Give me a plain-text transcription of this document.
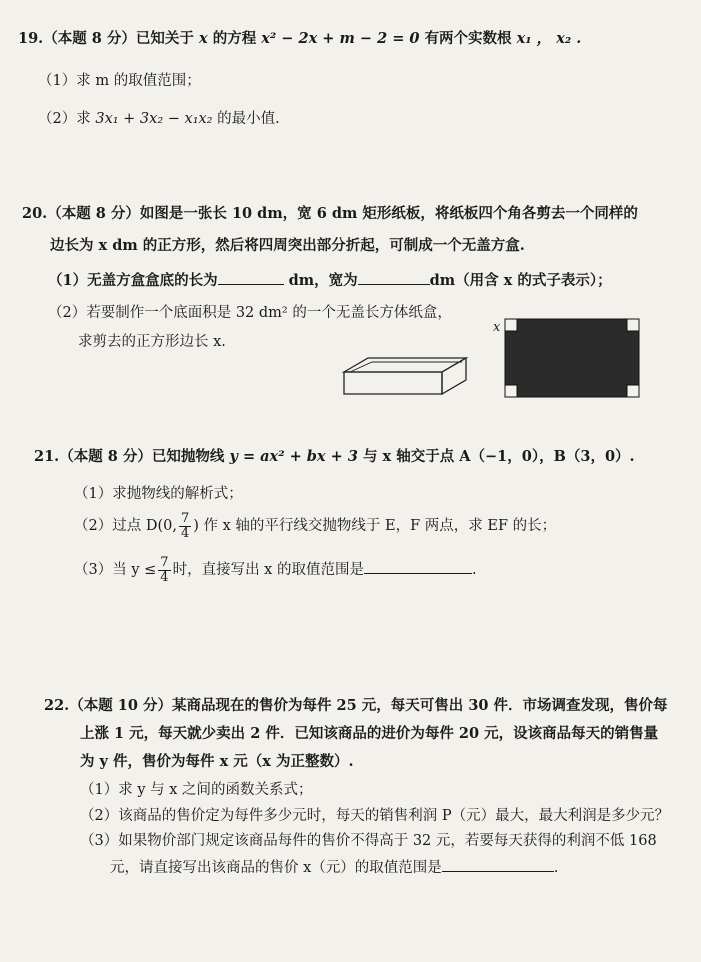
19.（本题 8 分）已知关于 x 的方程 x² − 2x + m − 2 = 0 有两个实数根 x₁ ， x₂ .
（1）求 m 的取值范围；
（2）求 3x₁ + 3x₂ − x₁x₂ 的最小值.
20.（本题 8 分）如图是一张长 10 dm，宽 6 dm 矩形纸板，将纸板四个角各剪去一个同样的
边长为 x dm 的正方形，然后将四周突出部分折起，可制成一个无盖方盒.
（1）无盖方盒盒底的长为	dm，宽为	dm（用含 x 的式子表示）；
（2）若要制作一个底面积是 32 dm² 的一个无盖长方体纸盒，
求剪去的正方形边长 x.
x
21.（本题 8 分）已知抛物线 y = ax² + bx + 3 与 x 轴交于点 A（−1，0），B（3，0）.
（1）求抛物线的解析式；
（2）过点 D(0, $\frac{7}{4}$ ) 作 x 轴的平行线交抛物线于 E，F 两点，求 EF 的长；
（3）当 $y \le \frac{7}{4}$ 时，直接写出 x 的取值范围是	.
22.（本题 10 分）某商品现在的售价为每件 25 元，每天可售出 30 件．市场调查发现，售价每
上涨 1 元，每天就少卖出 2 件．已知该商品的进价为每件 20 元，设该商品每天的销售量
为 y 件，售价为每件 x 元（x 为正整数）.
（1）求 y 与 x 之间的函数关系式；
（2）该商品的售价定为每件多少元时，每天的销售利润 P（元）最大，最大利润是多少元？
（3）如果物价部门规定该商品每件的售价不得高于 32 元，若要每天获得的利润不低 168
元，请直接写出该商品的售价 x（元）的取值范围是	.
